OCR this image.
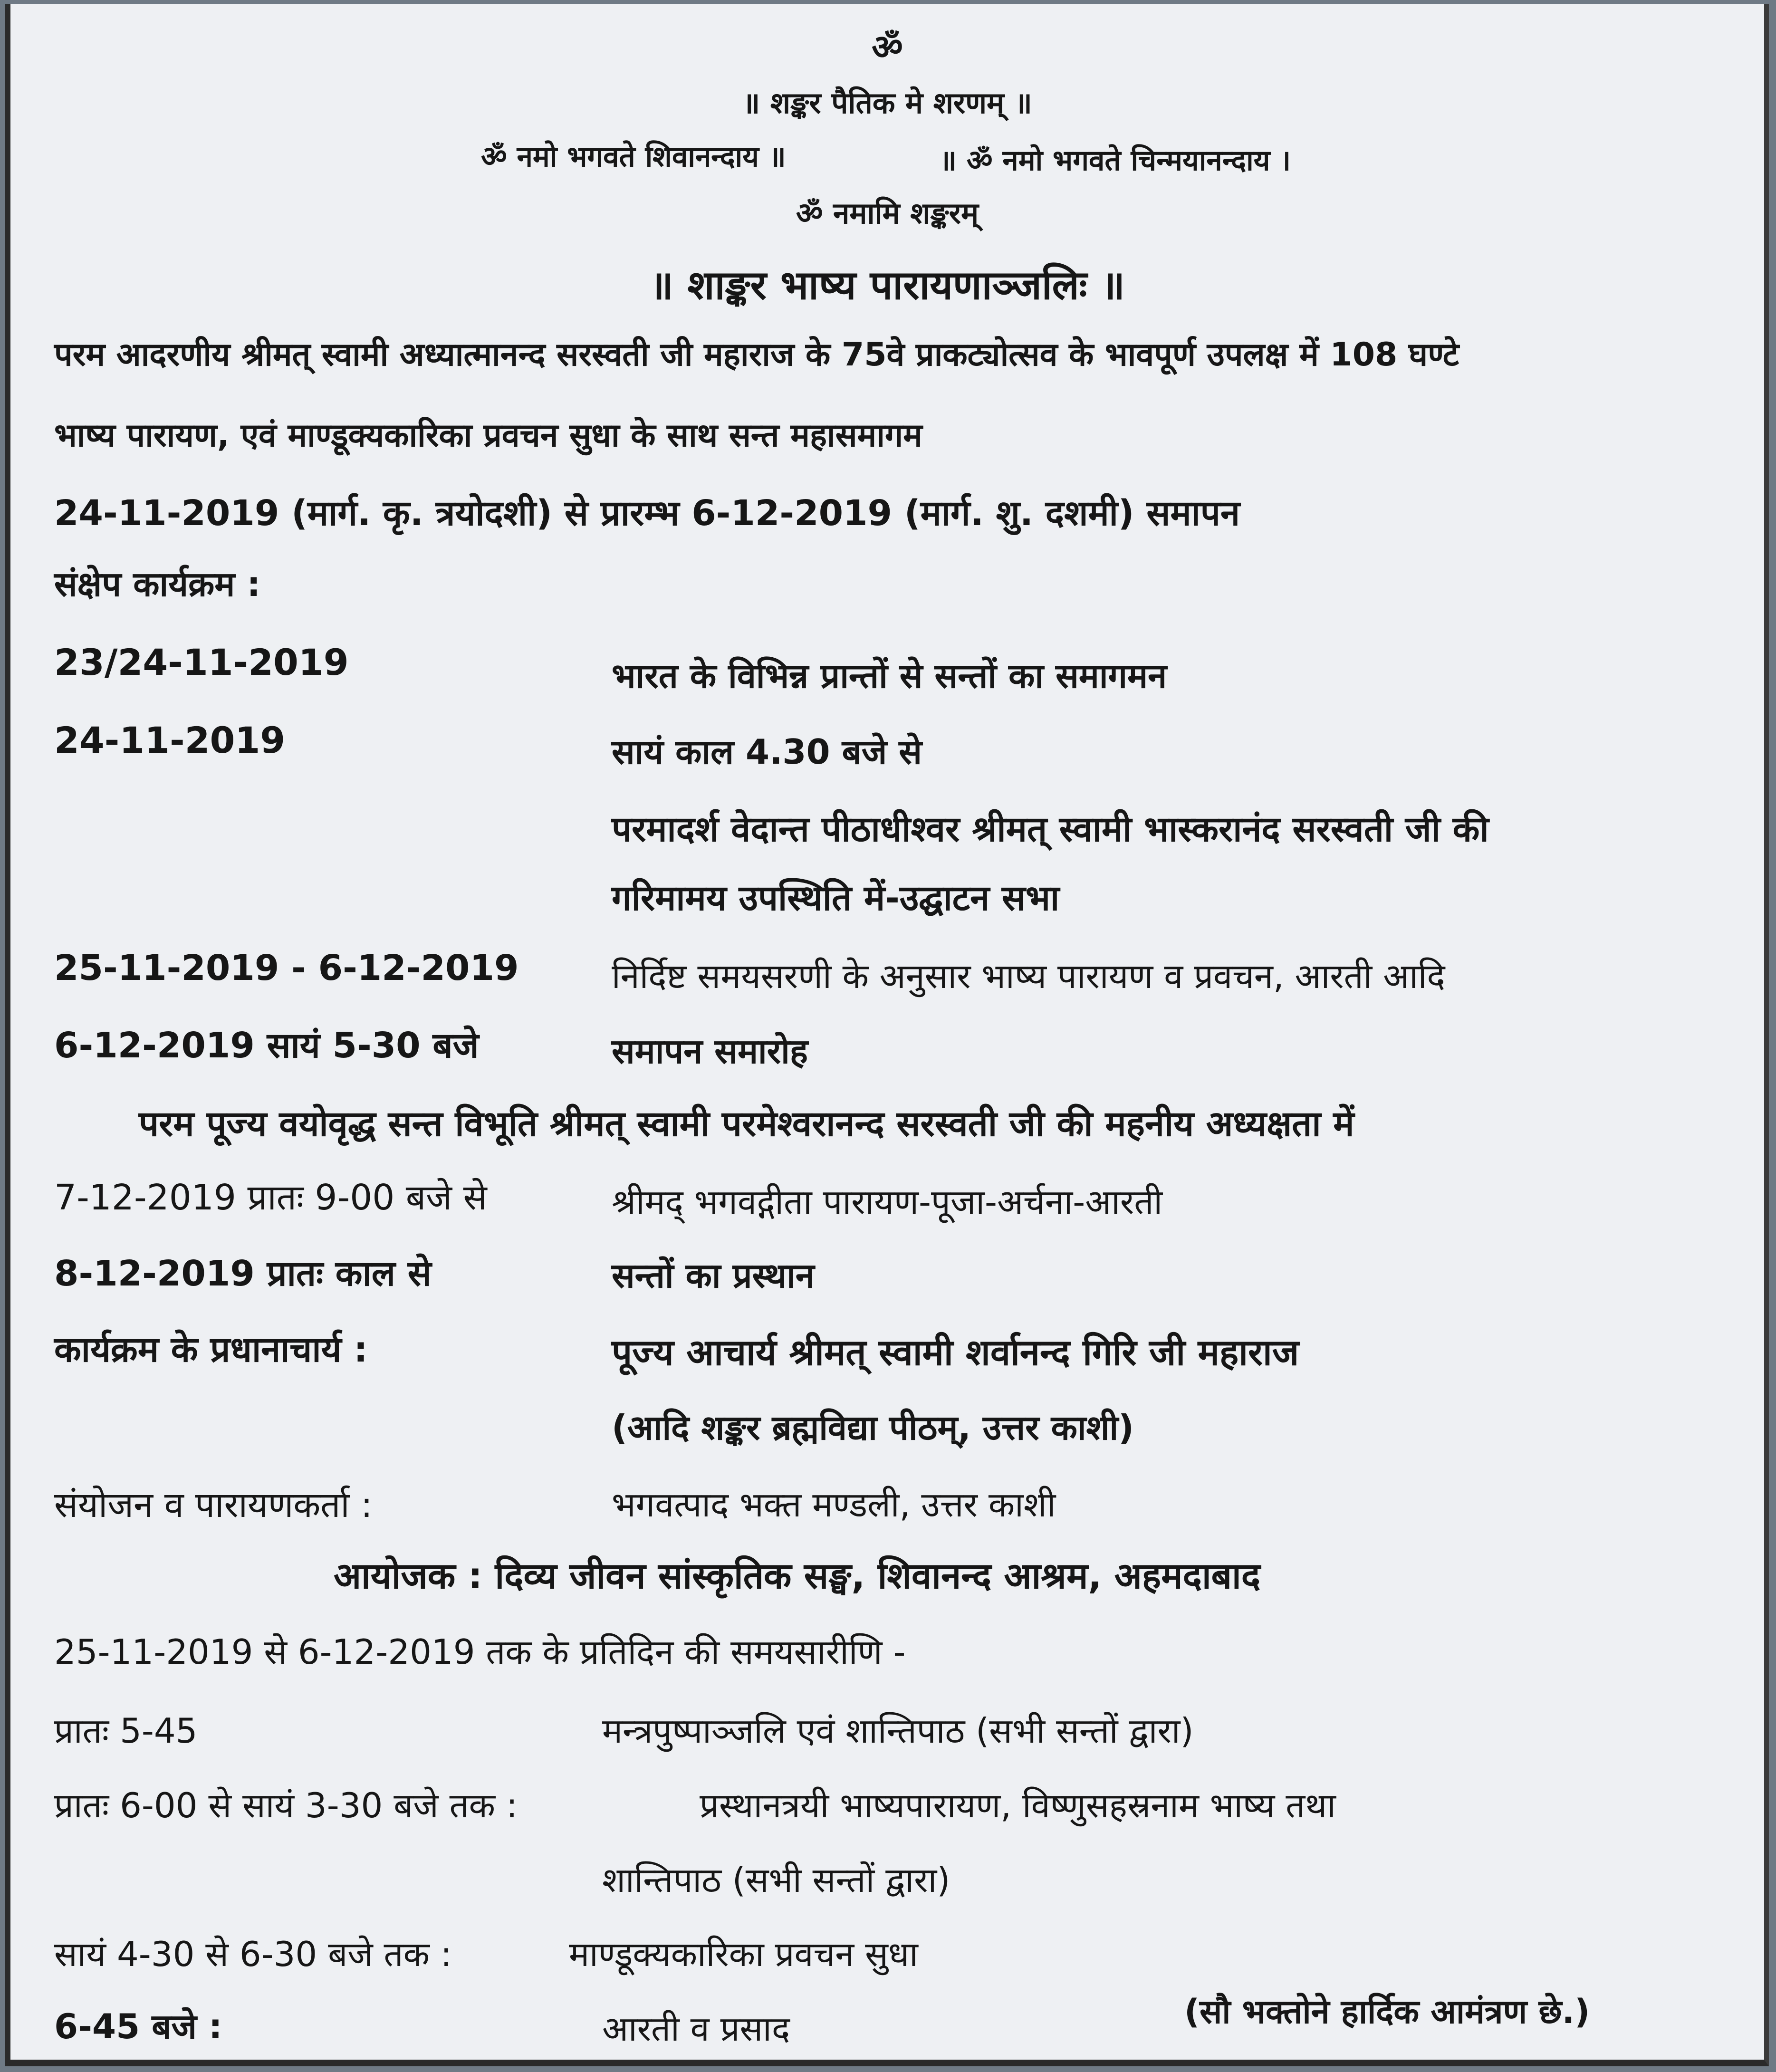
ॐ
॥ शङ्कर पैतिक मे शरणम् ॥
ॐ नमो भगवते शिवानन्दाय ॥	॥ ॐ नमो भगवते चिन्मयानन्दाय ।
ॐ नमामि शङ्करम्
॥ शाङ्कर भाष्य पारायणाञ्जलिः ॥
परम आदरणीय श्रीमत् स्वामी अध्यात्मानन्द सरस्वती जी महाराज के 75वे प्राकट्योत्सव के भावपूर्ण उपलक्ष में 108 घण्टे
भाष्य पारायण, एवं माण्डूक्यकारिका प्रवचन सुधा के साथ सन्त महासमागम
24-11-2019 (मार्ग. कृ. त्रयोदशी) से प्रारम्भ 6-12-2019 (मार्ग. शु. दशमी) समापन
संक्षेप कार्यक्रम :
23/24-11-2019	भारत के विभिन्न प्रान्तों से सन्तों का समागमन
24-11-2019	सायं काल 4.30 बजे से
परमादर्श वेदान्त पीठाधीश्वर श्रीमत् स्वामी भास्करानंद सरस्वती जी की
गरिमामय उपस्थिति में-उद्घाटन सभा
25-11-2019 - 6-12-2019	निर्दिष्ट समयसरणी के अनुसार भाष्य पारायण व प्रवचन, आरती आदि
6-12-2019 सायं 5-30 बजे	समापन समारोह
परम पूज्य वयोवृद्ध सन्त विभूति श्रीमत् स्वामी परमेश्वरानन्द सरस्वती जी की महनीय अध्यक्षता में
7-12-2019 प्रातः 9-00 बजे से	श्रीमद् भगवद्गीता पारायण-पूजा-अर्चना-आरती
8-12-2019 प्रातः काल से	सन्तों का प्रस्थान
कार्यक्रम के प्रधानाचार्य :	पूज्य आचार्य श्रीमत् स्वामी शर्वानन्द गिरि जी महाराज
(आदि शङ्कर ब्रह्मविद्या पीठम्, उत्तर काशी)
संयोजन व पारायणकर्ता :	भगवत्पाद भक्त मण्डली, उत्तर काशी
आयोजक : दिव्य जीवन सांस्कृतिक सङ्घ, शिवानन्द आश्रम, अहमदाबाद
25-11-2019 से 6-12-2019 तक के प्रतिदिन की समयसारीणि -
प्रातः 5-45	मन्त्रपुष्पाञ्जलि एवं शान्तिपाठ (सभी सन्तों द्वारा)
प्रातः 6-00 से सायं 3-30 बजे तक :	प्रस्थानत्रयी भाष्यपारायण, विष्णुसहस्रनाम भाष्य तथा
शान्तिपाठ (सभी सन्तों द्वारा)
सायं 4-30 से 6-30 बजे तक :	माण्डूक्यकारिका प्रवचन सुधा
6-45 बजे :	आरती व प्रसाद	(सौ भक्तोने हार्दिक आमंत्रण छे.)
